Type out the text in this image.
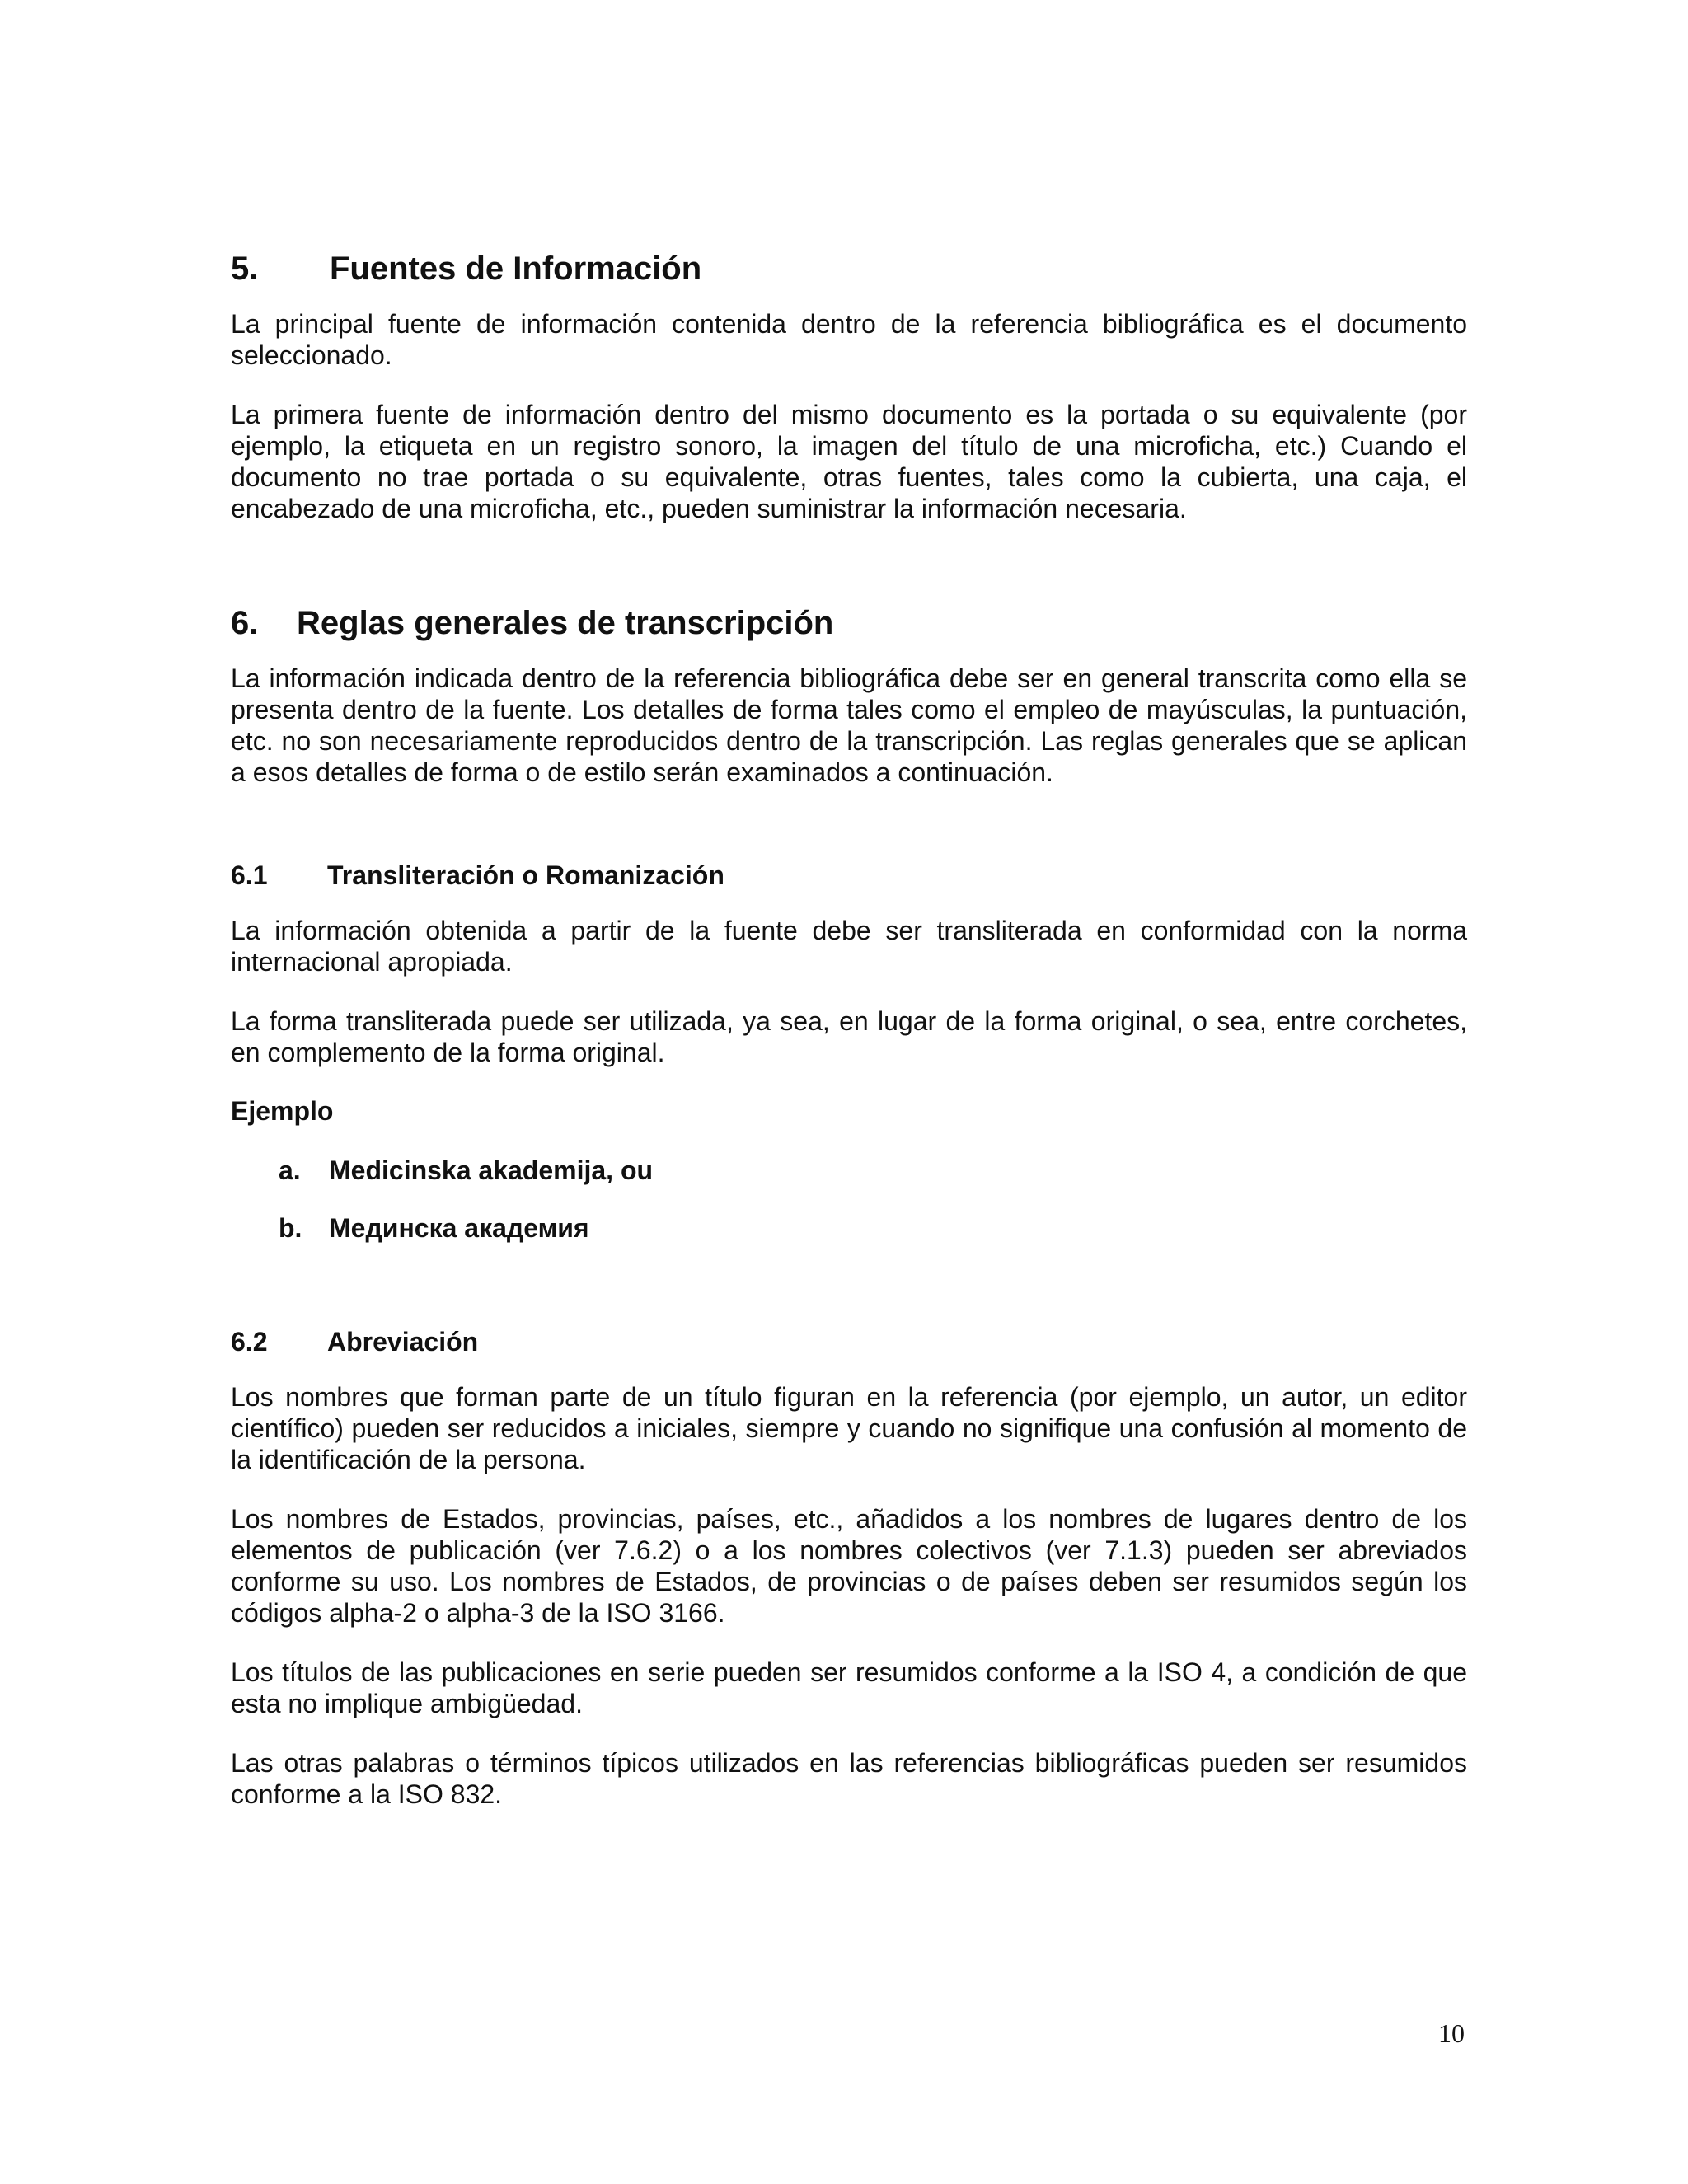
5.	Fuentes de Información

La principal fuente de información contenida dentro de la referencia bibliográfica es el documento seleccionado.

La primera fuente de información dentro del mismo documento es la portada o su equivalente (por ejemplo, la etiqueta en un registro sonoro, la imagen del título de una microficha, etc.) Cuando el documento no trae portada o su equivalente, otras fuentes, tales como la cubierta, una caja, el encabezado de una microficha, etc., pueden suministrar la información necesaria.

6.	Reglas generales de transcripción

La información indicada dentro de la referencia bibliográfica debe ser en general transcrita como ella se presenta dentro de la fuente. Los detalles de forma tales como el empleo de mayúsculas, la puntuación, etc. no son necesariamente reproducidos dentro de la transcripción. Las reglas generales que se aplican a esos detalles de forma o de estilo serán examinados a continuación.

6.1	Transliteración o Romanización

La información obtenida a partir de la fuente debe ser transliterada en conformidad con la norma internacional apropiada.

La forma transliterada puede ser utilizada, ya sea, en lugar de la forma original, o sea, entre corchetes, en complemento de la forma original.

Ejemplo

a.	Medicinska akademija, ou
b.	Мединска академия
6.2	Abreviación

Los nombres que forman parte de un título figuran en la referencia (por ejemplo, un autor, un editor científico) pueden ser reducidos a iniciales, siempre y cuando no signifique una confusión al momento de la identificación de la persona.

Los nombres de Estados, provincias, países, etc., añadidos a los nombres de lugares dentro de los elementos de publicación (ver 7.6.2) o a los nombres colectivos (ver 7.1.3) pueden ser abreviados conforme su uso. Los nombres de Estados, de provincias o de países deben ser resumidos según los códigos alpha-2 o alpha-3 de la ISO 3166.

Los títulos de las publicaciones en serie pueden ser resumidos conforme a la ISO 4, a condición de que esta no implique ambigüedad.

Las otras palabras o términos típicos utilizados en las referencias bibliográficas pueden ser resumidos conforme a la ISO 832.

10
